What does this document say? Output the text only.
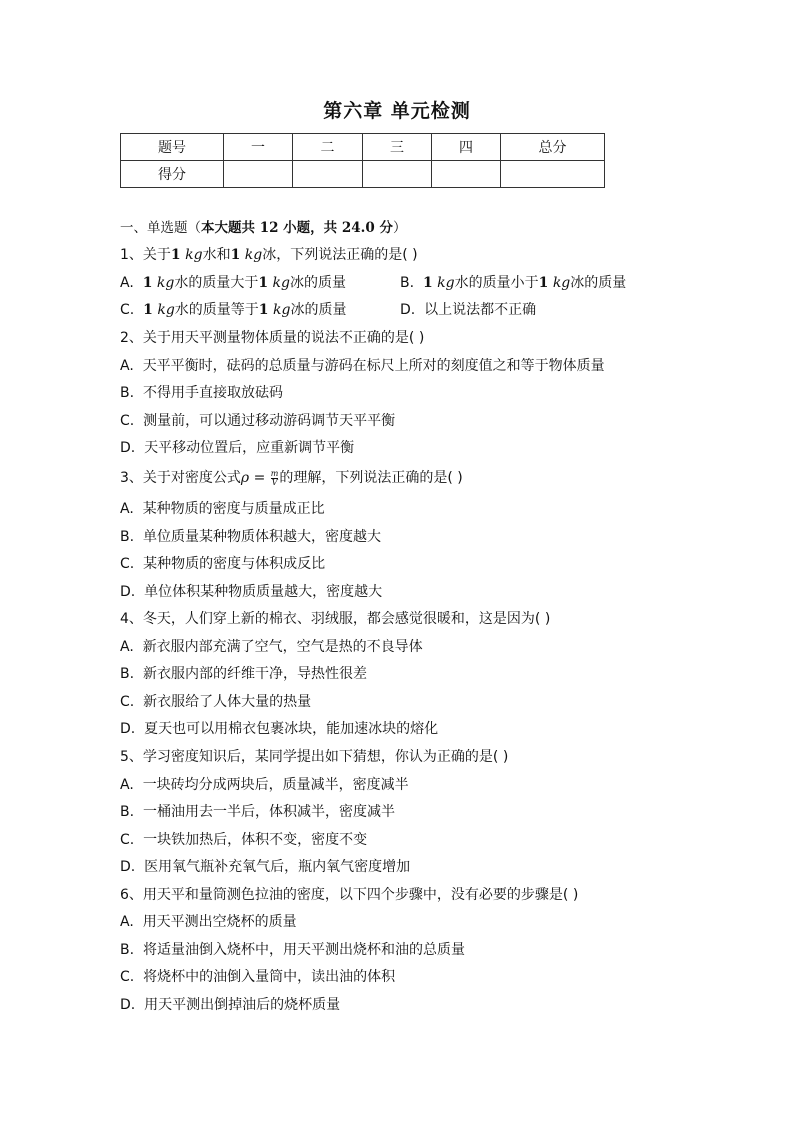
第六章 单元检测
题号	一	二	三	四	总分
得分					
一、单选题（本大题共 12 小题，共 24.0 分）
1、关于1 kg水和1 kg冰，下列说法正确的是( )
A. 1 kg水的质量大于1 kg冰的质量	B. 1 kg水的质量小于1 kg冰的质量
C. 1 kg水的质量等于1 kg冰的质量	D. 以上说法都不正确
2、关于用天平测量物体质量的说法不正确的是( )
A. 天平平衡时，砝码的总质量与游码在标尺上所对的刻度值之和等于物体质量
B. 不得用手直接取放砝码
C. 测量前，可以通过移动游码调节天平平衡
D. 天平移动位置后，应重新调节平衡
3、关于对密度公式$\rho = \frac{m}{V}$ 的理解，下列说法正确的是( )
A. 某种物质的密度与质量成正比
B. 单位质量某种物质体积越大，密度越大
C. 某种物质的密度与体积成反比
D. 单位体积某种物质质量越大，密度越大
4、冬天，人们穿上新的棉衣、羽绒服，都会感觉很暖和，这是因为( )
A. 新衣服内部充满了空气，空气是热的不良导体
B. 新衣服内部的纤维干净，导热性很差
C. 新衣服给了人体大量的热量
D. 夏天也可以用棉衣包裹冰块，能加速冰块的熔化
5、学习密度知识后，某同学提出如下猜想，你认为正确的是( )
A. 一块砖均分成两块后，质量减半，密度减半
B. 一桶油用去一半后，体积减半，密度减半
C. 一块铁加热后，体积不变，密度不变
D. 医用氧气瓶补充氧气后，瓶内氧气密度增加
6、用天平和量筒测色拉油的密度，以下四个步骤中，没有必要的步骤是( )
A. 用天平测出空烧杯的质量
B. 将适量油倒入烧杯中，用天平测出烧杯和油的总质量
C. 将烧杯中的油倒入量筒中，读出油的体积
D. 用天平测出倒掉油后的烧杯质量
